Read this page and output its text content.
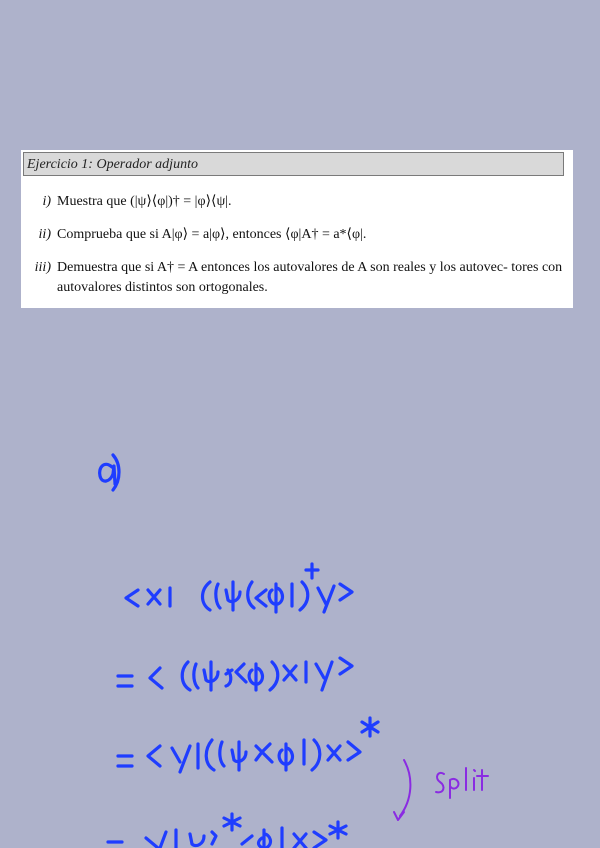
Ejercicio 1: Operador adjunto
i) Muestra que (|ψ⟩⟨φ|)† = |φ⟩⟨ψ|.
ii) Comprueba que si A|φ⟩ = a|φ⟩, entonces ⟨φ|A† = a*⟨φ|.
iii) Demuestra que si A† = A entonces los autovalores de A son reales y los autovec- tores con autovalores distintos son ortogonales.
